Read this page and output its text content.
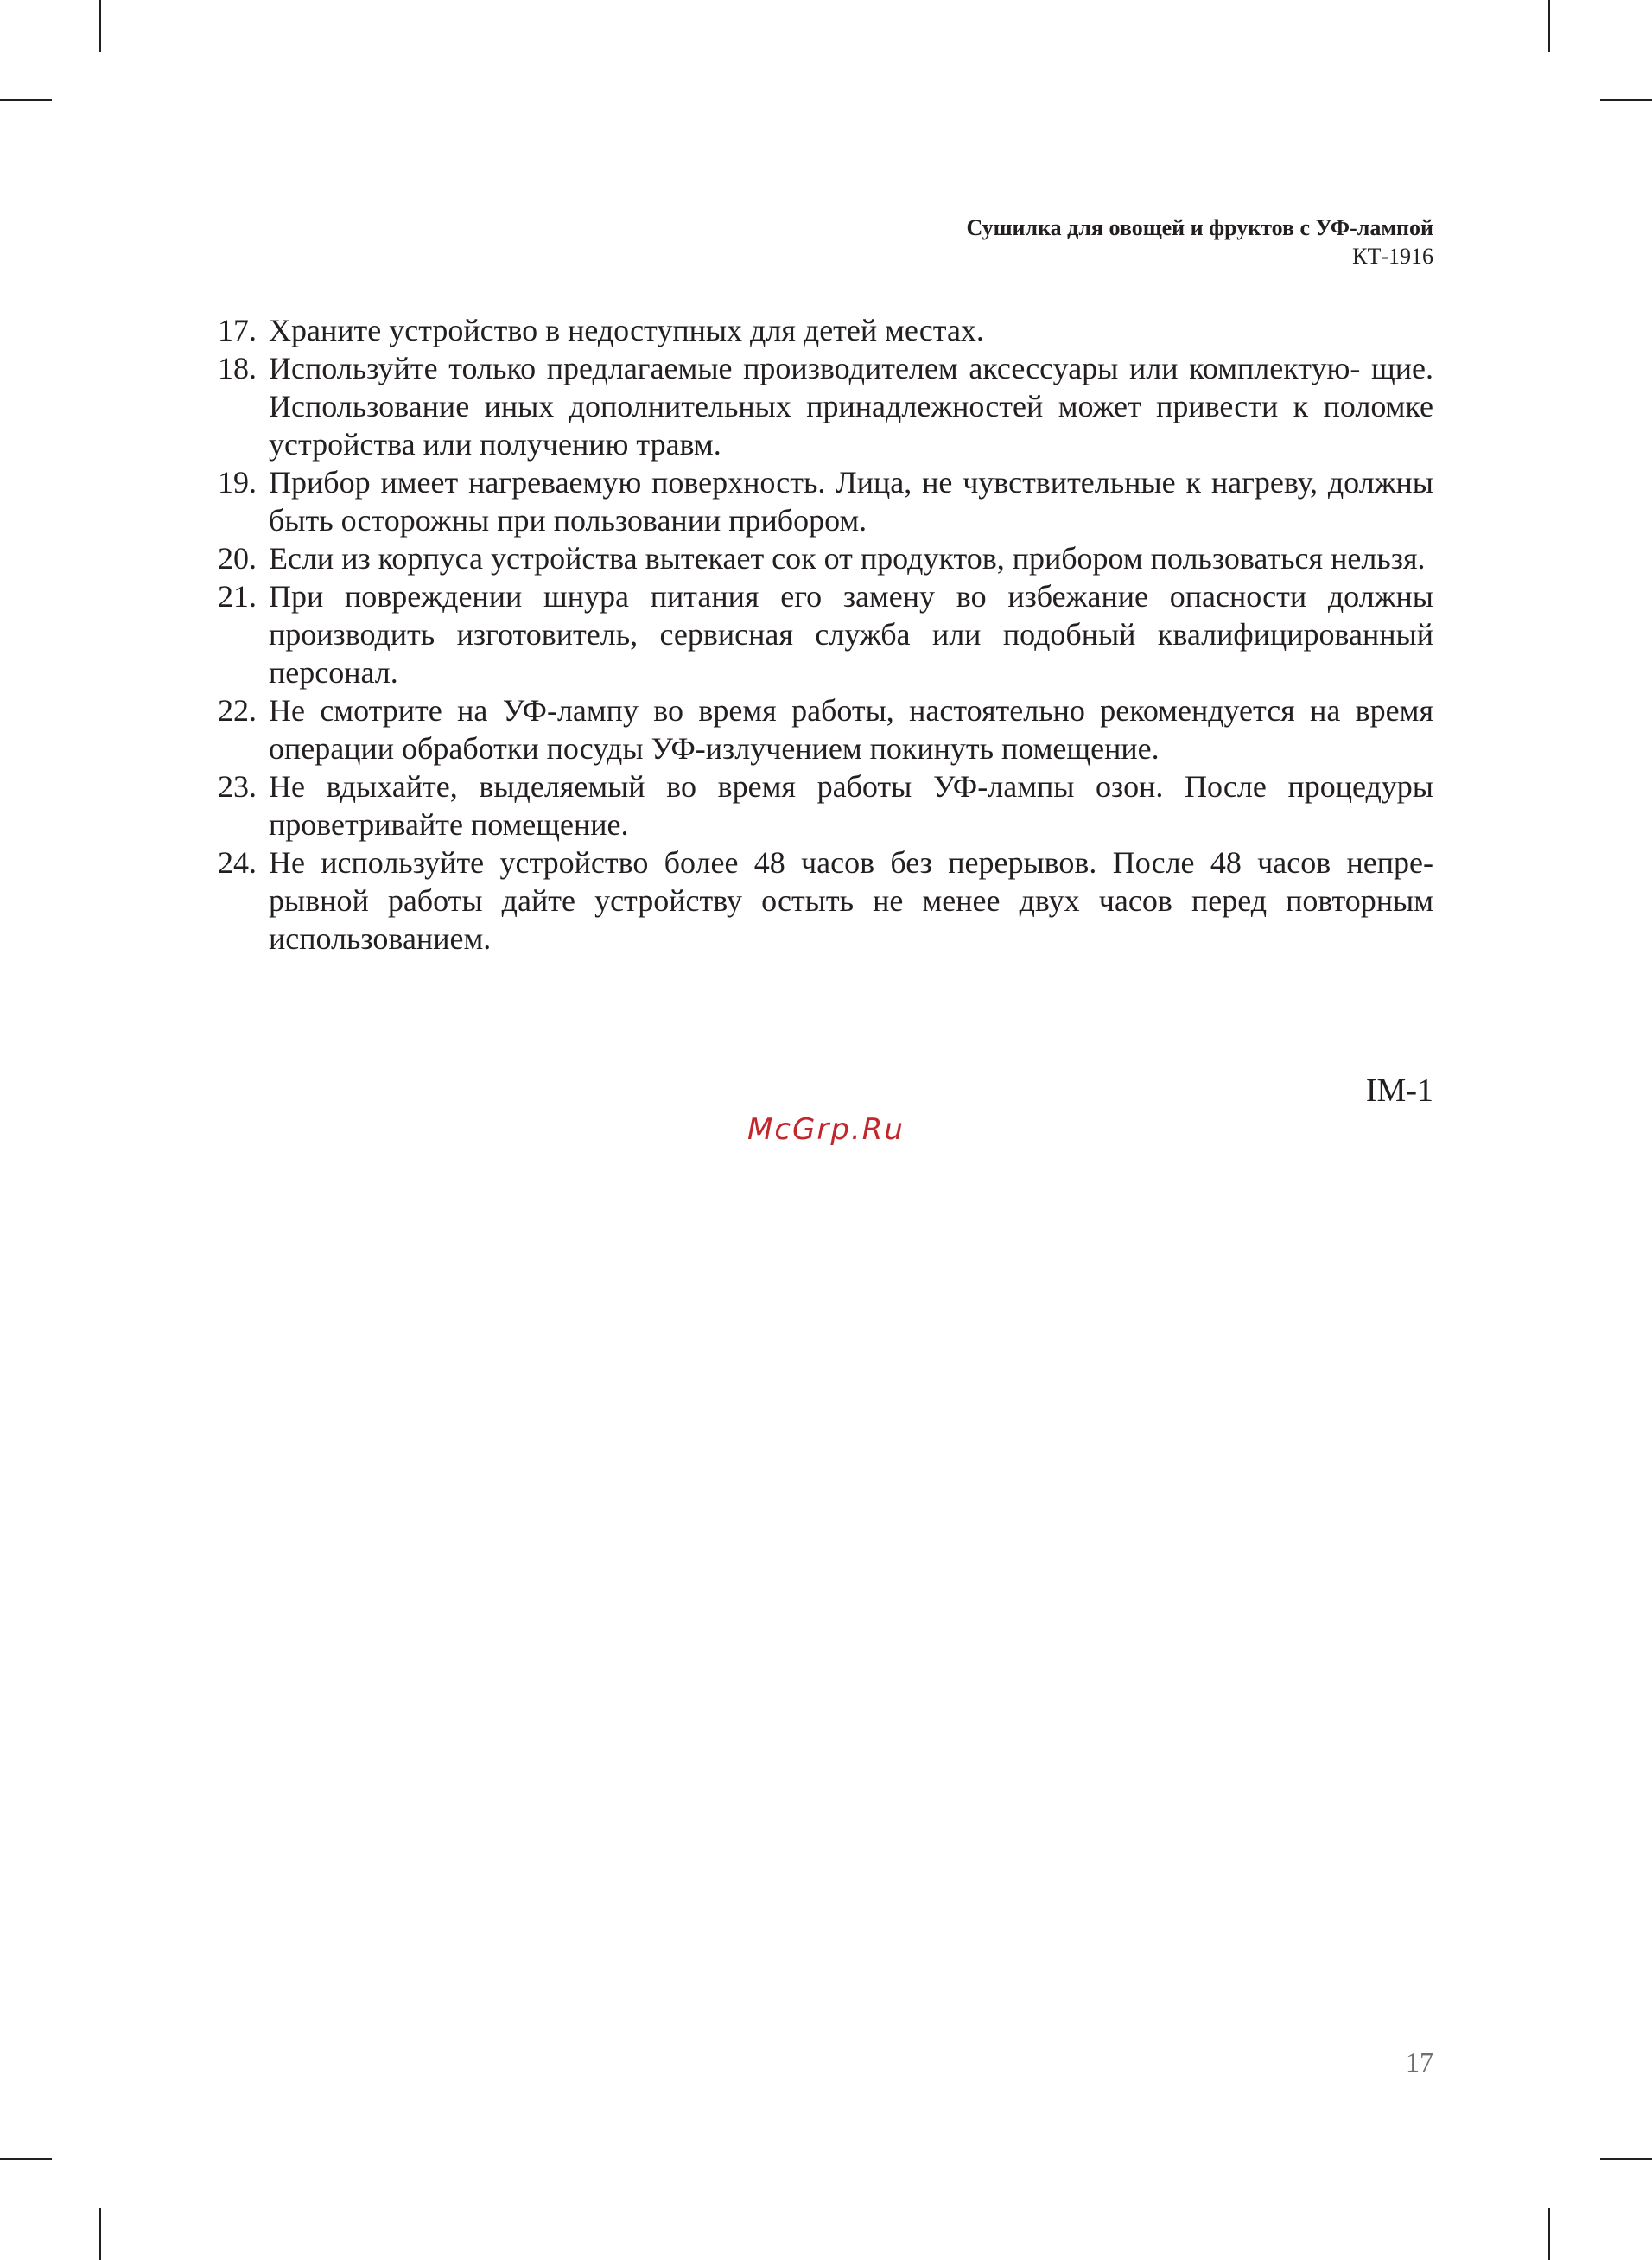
Сушилка для овощей и фруктов с УФ-лампой
КТ-1916
17. Храните устройство в недоступных для детей местах.
18. Используйте только предлагаемые производителем аксессуары или комплектую- щие. Использование иных дополнительных принадлежностей может привести к поломке устройства или получению травм.
19. Прибор имеет нагреваемую поверхность. Лица, не чувствительные к нагреву, должны быть осторожны при пользовании прибором.
20. Если из корпуса устройства вытекает сок от продуктов, прибором пользоваться нельзя.
21. При повреждении шнура питания его замену во избежание опасности должны производить изготовитель, сервисная служба или подобный квалифицированный персонал.
22. Не смотрите на УФ-лампу во время работы, настоятельно рекомендуется на время операции обработки посуды УФ-излучением покинуть помещение.
23. Не вдыхайте, выделяемый во время работы УФ-лампы озон. После процедуры проветривайте помещение.
24. Не используйте устройство более 48 часов без перерывов. После 48 часов непре- рывной работы дайте устройству остыть не менее двух часов перед повторным использованием.
IM-1
McGrp.Ru
17
